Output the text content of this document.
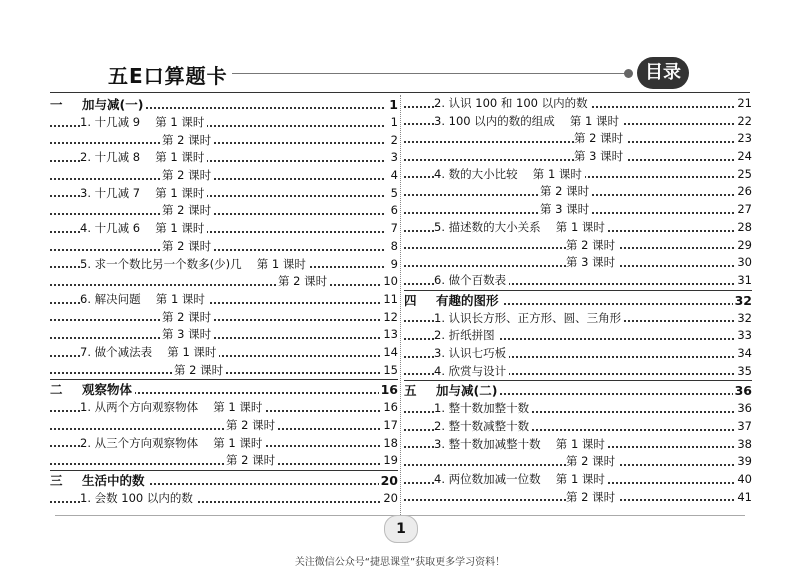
五E口算题卡	目录
一 加与减(一)	1
1. 十几减 9　 第 1 课时	1
第 2 课时	2
2. 十几减 8　 第 1 课时	3
第 2 课时	4
3. 十几减 7　 第 1 课时	5
第 2 课时	6
4. 十几减 6　 第 1 课时	7
第 2 课时	8
5. 求一个数比另一个数多(少)几　 第 1 课时	9
第 2 课时	10
6. 解决问题　 第 1 课时	11
第 2 课时	12
第 3 课时	13
7. 做个减法表　 第 1 课时	14
第 2 课时	15
二 观察物体	16
1. 从两个方向观察物体　 第 1 课时	16
第 2 课时	17
2. 从三个方向观察物体　 第 1 课时	18
第 2 课时	19
三 生活中的数	20
1. 会数 100 以内的数	20
2. 认识 100 和 100 以内的数	21
3. 100 以内的数的组成　 第 1 课时	22
第 2 课时	23
第 3 课时	24
4. 数的大小比较　 第 1 课时	25
第 2 课时	26
第 3 课时	27
5. 描述数的大小关系　 第 1 课时	28
第 2 课时	29
第 3 课时	30
6. 做个百数表	31
四 有趣的图形	32
1. 认识长方形、正方形、圆、三角形	32
2. 折纸拼图	33
3. 认识七巧板	34
4. 欣赏与设计	35
五 加与减(二)	36
1. 整十数加整十数	36
2. 整十数减整十数	37
3. 整十数加减整十数　 第 1 课时	38
第 2 课时	39
4. 两位数加减一位数　 第 1 课时	40
第 2 课时	41
1
关注微信公众号“捷思课堂”获取更多学习资料！
